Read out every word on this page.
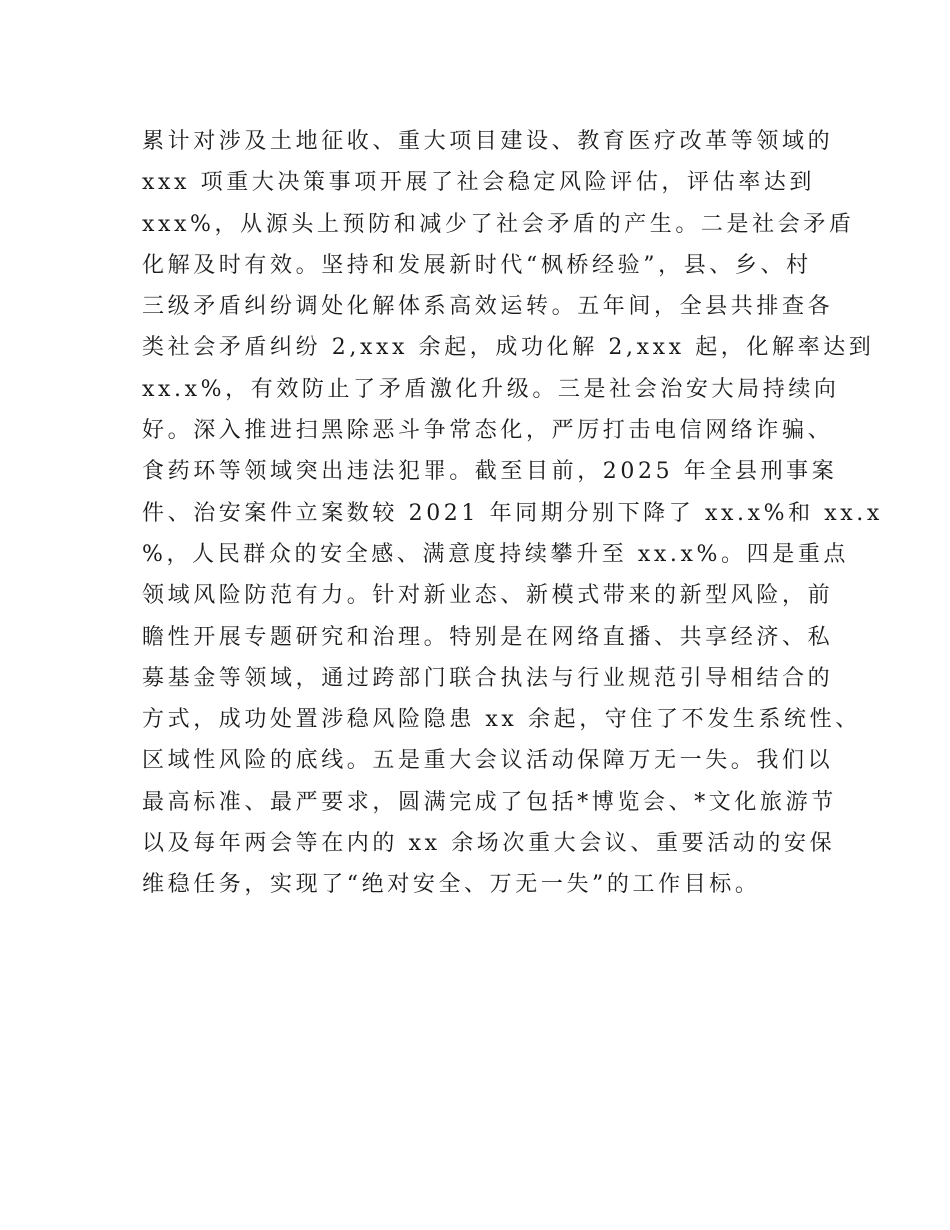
累计对涉及土地征收、重大项目建设、教育医疗改革等领域的
xxx 项重大决策事项开展了社会稳定风险评估，评估率达到
xxx%，从源头上预防和减少了社会矛盾的产生。二是社会矛盾
化解及时有效。坚持和发展新时代“枫桥经验”，县、乡、村
三级矛盾纠纷调处化解体系高效运转。五年间，全县共排查各
类社会矛盾纠纷 2,xxx 余起，成功化解 2,xxx 起，化解率达到
xx.x%，有效防止了矛盾激化升级。三是社会治安大局持续向
好。深入推进扫黑除恶斗争常态化，严厉打击电信网络诈骗、
食药环等领域突出违法犯罪。截至目前，2025 年全县刑事案
件、治安案件立案数较 2021 年同期分别下降了 xx.x%和 xx.x
%，人民群众的安全感、满意度持续攀升至 xx.x%。四是重点
领域风险防范有力。针对新业态、新模式带来的新型风险，前
瞻性开展专题研究和治理。特别是在网络直播、共享经济、私
募基金等领域，通过跨部门联合执法与行业规范引导相结合的
方式，成功处置涉稳风险隐患 xx 余起，守住了不发生系统性、
区域性风险的底线。五是重大会议活动保障万无一失。我们以
最高标准、最严要求，圆满完成了包括*博览会、*文化旅游节
以及每年两会等在内的 xx 余场次重大会议、重要活动的安保
维稳任务，实现了“绝对安全、万无一失”的工作目标。
